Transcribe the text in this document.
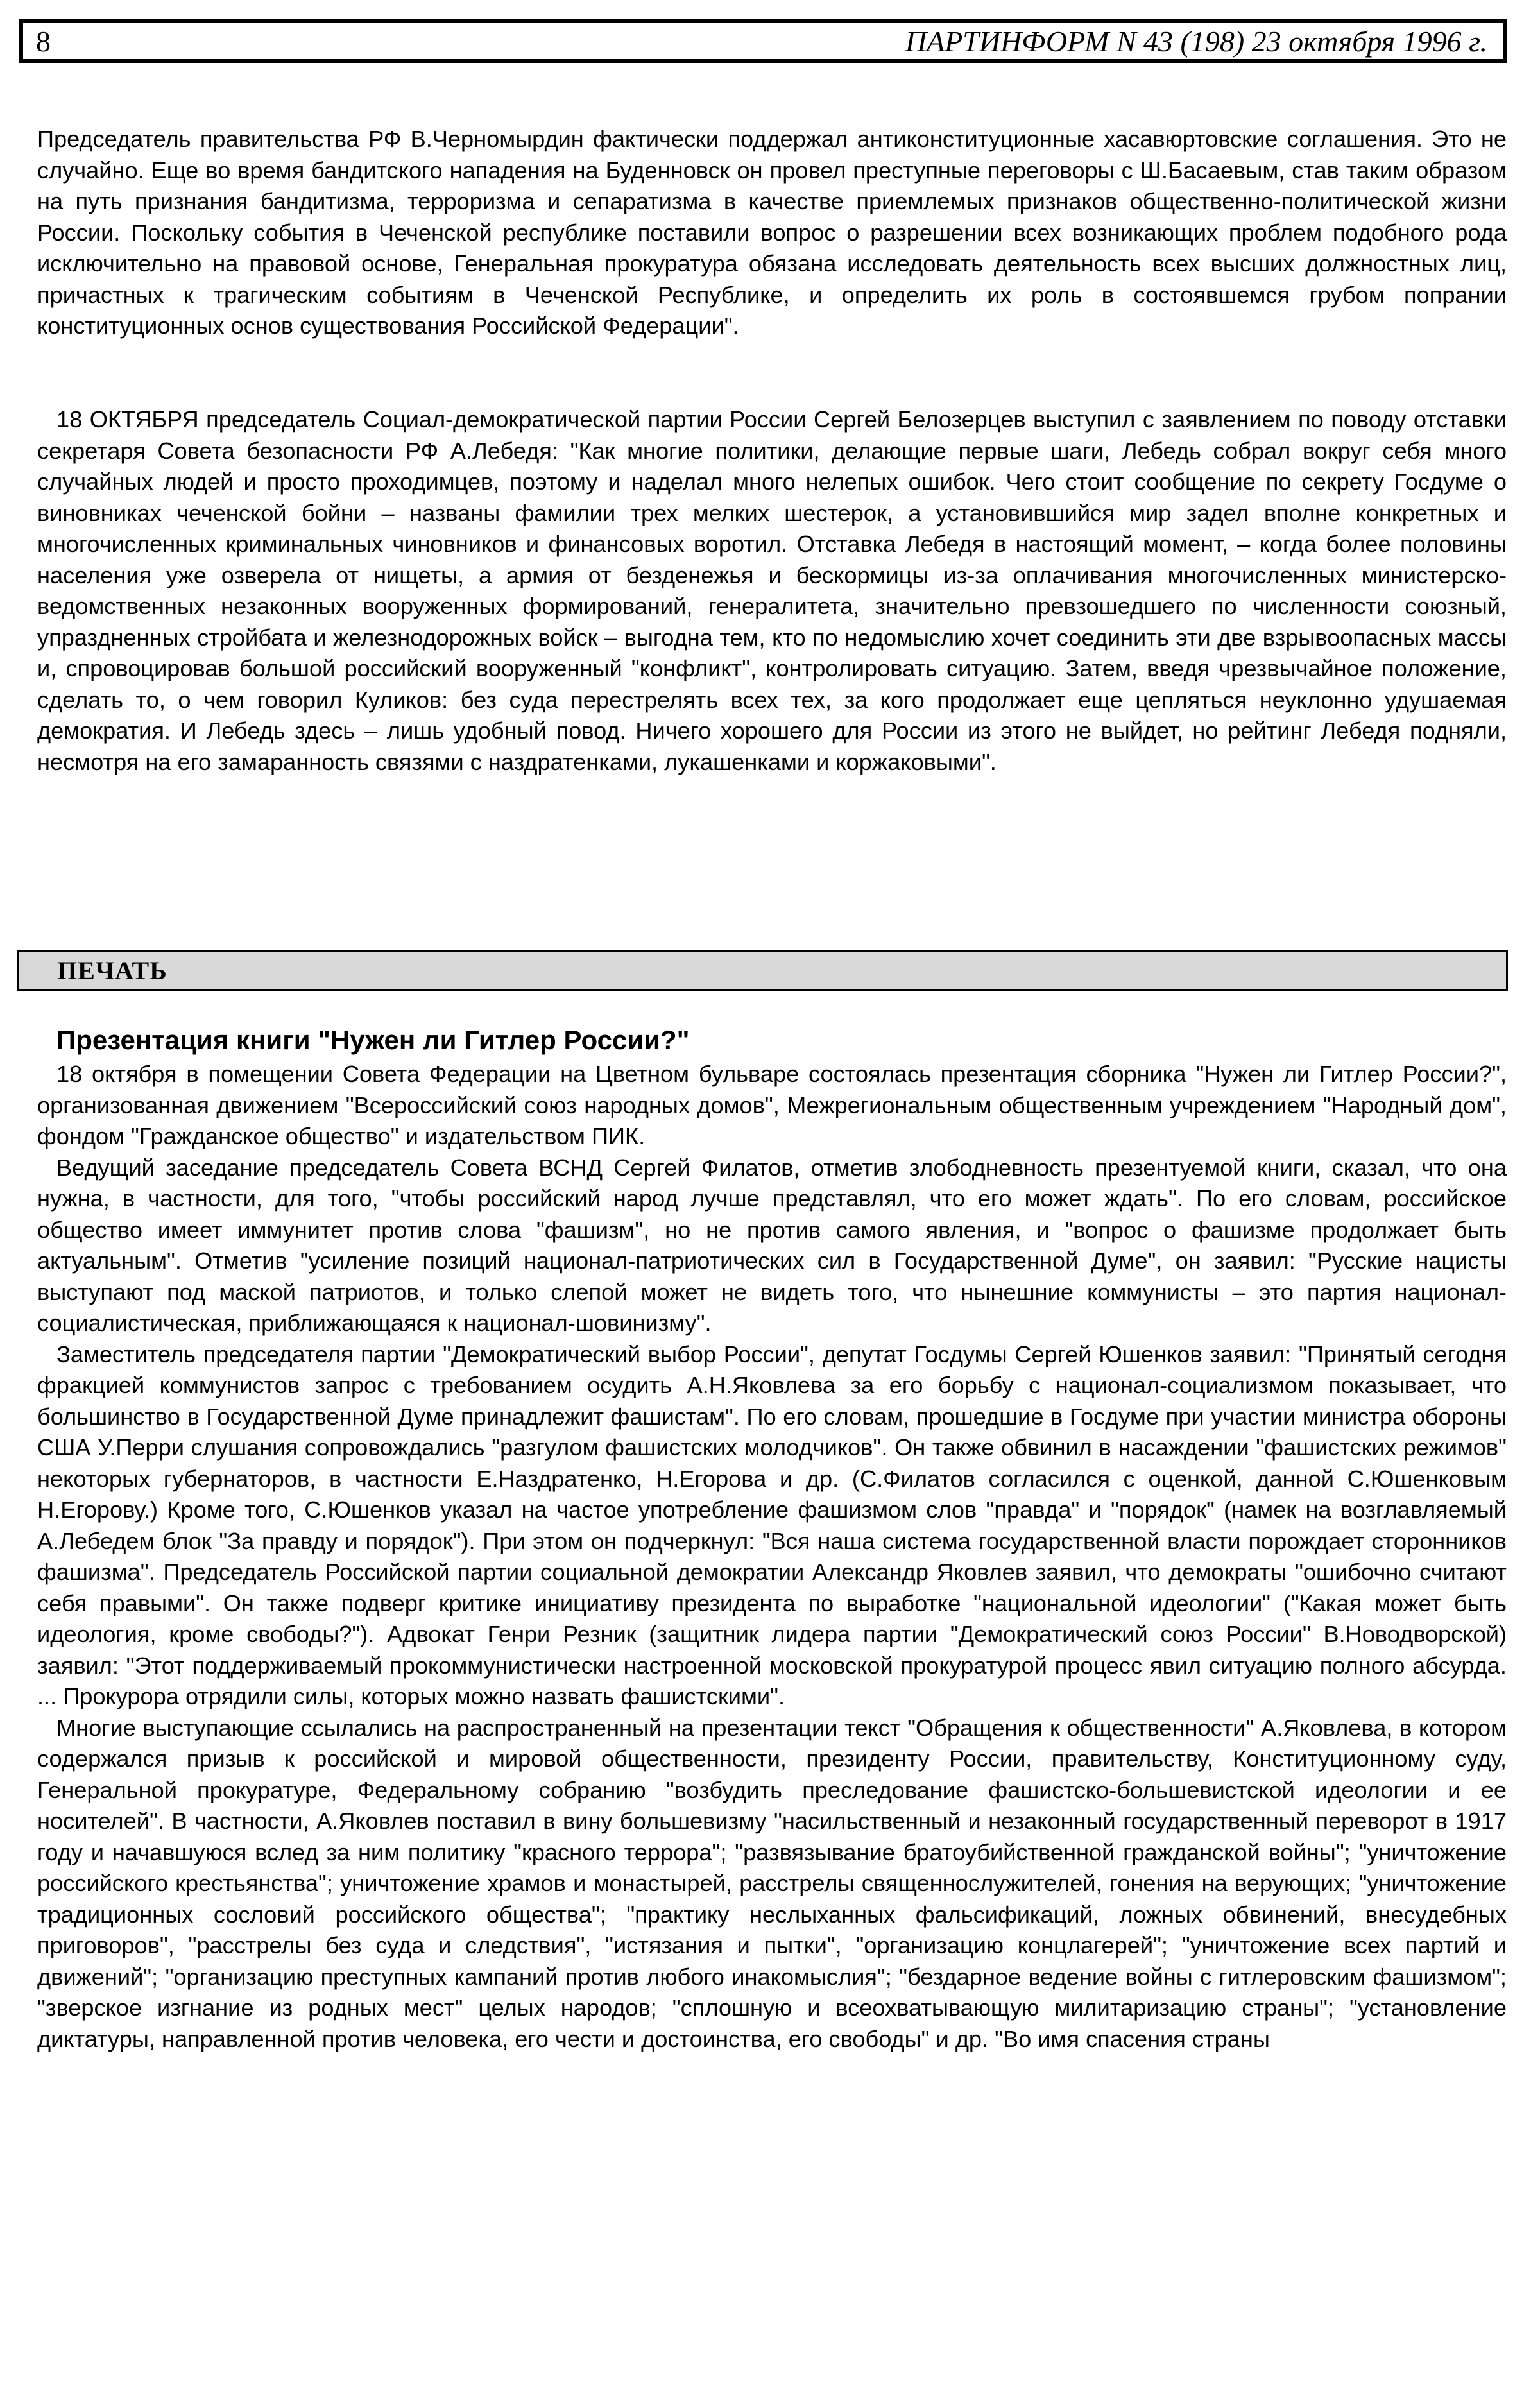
8	ПАРТИНФОРМ N 43 (198) 23 октября 1996 г.

Председатель правительства РФ В.Черномырдин фактически поддержал антиконституционные хасавюртовские соглашения. Это не случайно. Еще во время бандитского нападения на Буденновск он провел преступные переговоры с Ш.Басаевым, став таким образом на путь признания бандитизма, терроризма и сепаратизма в качестве приемлемых признаков общественно-политической жизни России. Поскольку события в Чеченской республике поставили вопрос о разрешении всех возникающих проблем подобного рода исключительно на правовой основе, Генеральная прокуратура обязана исследовать деятельность всех высших должностных лиц, причастных к трагическим событиям в Чеченской Республике, и определить их роль в состоявшемся грубом попрании конституционных основ существования Российской Федерации".

18 ОКТЯБРЯ председатель Социал-демократической партии России Сергей Белозерцев выступил с заявлением по поводу отставки секретаря Совета безопасности РФ А.Лебедя: "Как многие политики, делающие первые шаги, Лебедь собрал вокруг себя много случайных людей и просто проходимцев, поэтому и наделал много нелепых ошибок. Чего стоит сообщение по секрету Госдуме о виновниках чеченской бойни – названы фамилии трех мелких шестерок, а установившийся мир задел вполне конкретных и многочисленных криминальных чиновников и финансовых воротил. Отставка Лебедя в настоящий момент, – когда более половины населения уже озверела от нищеты, а армия от безденежья и бескормицы из-за оплачивания многочисленных министерско-ведомственных незаконных вооруженных формирований, генералитета, значительно превзошедшего по численности союзный, упраздненных стройбата и железнодорожных войск – выгодна тем, кто по недомыслию хочет соединить эти две взрывоопасных массы и, спровоцировав большой российский вооруженный "конфликт", контролировать ситуацию. Затем, введя чрезвычайное положение, сделать то, о чем говорил Куликов: без суда перестрелять всех тех, за кого продолжает еще цепляться неуклонно удушаемая демократия. И Лебедь здесь – лишь удобный повод. Ничего хорошего для России из этого не выйдет, но рейтинг Лебедя подняли, несмотря на его замаранность связями с наздратенками, лукашенками и коржаковыми".

ПЕЧАТЬ
Презентация книги "Нужен ли Гитлер России?"

18 октября в помещении Совета Федерации на Цветном бульваре состоялась презентация сборника "Нужен ли Гитлер России?", организованная движением "Всероссийский союз народных домов", Межрегиональным общественным учреждением "Народный дом", фондом "Гражданское общество" и издательством ПИК.

Ведущий заседание председатель Совета ВСНД Сергей Филатов, отметив злободневность презентуемой книги, сказал, что она нужна, в частности, для того, "чтобы российский народ лучше представлял, что его может ждать". По его словам, российское общество имеет иммунитет против слова "фашизм", но не против самого явления, и "вопрос о фашизме продолжает быть актуальным". Отметив "усиление позиций национал-патриотических сил в Государственной Думе", он заявил: "Русские нацисты выступают под маской патриотов, и только слепой может не видеть того, что нынешние коммунисты – это партия национал-социалистическая, приближающаяся к национал-шовинизму".

Заместитель председателя партии "Демократический выбор России", депутат Госдумы Сергей Юшенков заявил: "Принятый сегодня фракцией коммунистов запрос с требованием осудить А.Н.Яковлева за его борьбу с национал-социализмом показывает, что большинство в Государственной Думе принадлежит фашистам". По его словам, прошедшие в Госдуме при участии министра обороны США У.Перри слушания сопровождались "разгулом фашистских молодчиков". Он также обвинил в насаждении "фашистских режимов" некоторых губернаторов, в частности Е.Наздратенко, Н.Егорова и др. (С.Филатов согласился с оценкой, данной С.Юшенковым Н.Егорову.) Кроме того, С.Юшенков указал на частое употребление фашизмом слов "правда" и "порядок" (намек на возглавляемый А.Лебедем блок "За правду и порядок"). При этом он подчеркнул: "Вся наша система государственной власти порождает сторонников фашизма". Председатель Российской партии социальной демократии Александр Яковлев заявил, что демократы "ошибочно считают себя правыми". Он также подверг критике инициативу президента по выработке "национальной идеологии" ("Какая может быть идеология, кроме свободы?"). Адвокат Генри Резник (защитник лидера партии "Демократический союз России" В.Новодворской) заявил: "Этот поддерживаемый прокоммунистически настроенной московской прокуратурой процесс явил ситуацию полного абсурда. ... Прокурора отрядили силы, которых можно назвать фашистскими".

Многие выступающие ссылались на распространенный на презентации текст "Обращения к общественности" А.Яковлева, в котором содержался призыв к российской и мировой общественности, президенту России, правительству, Конституционному суду, Генеральной прокуратуре, Федеральному собранию "возбудить преследование фашистско-большевистской идеологии и ее носителей". В частности, А.Яковлев поставил в вину большевизму "насильственный и незаконный государственный переворот в 1917 году и начавшуюся вслед за ним политику "красного террора"; "развязывание братоубийственной гражданской войны"; "уничтожение российского крестьянства"; уничтожение храмов и монастырей, расстрелы священнослужителей, гонения на верующих; "уничтожение традиционных сословий российского общества"; "практику неслыханных фальсификаций, ложных обвинений, внесудебных приговоров", "расстрелы без суда и следствия", "истязания и пытки", "организацию концлагерей"; "уничтожение всех партий и движений"; "организацию преступных кампаний против любого инакомыслия"; "бездарное ведение войны с гитлеровским фашизмом"; "зверское изгнание из родных мест" целых народов; "сплошную и всеохватывающую милитаризацию страны"; "установление диктатуры, направленной против человека, его чести и достоинства, его свободы" и др. "Во имя спасения страны
